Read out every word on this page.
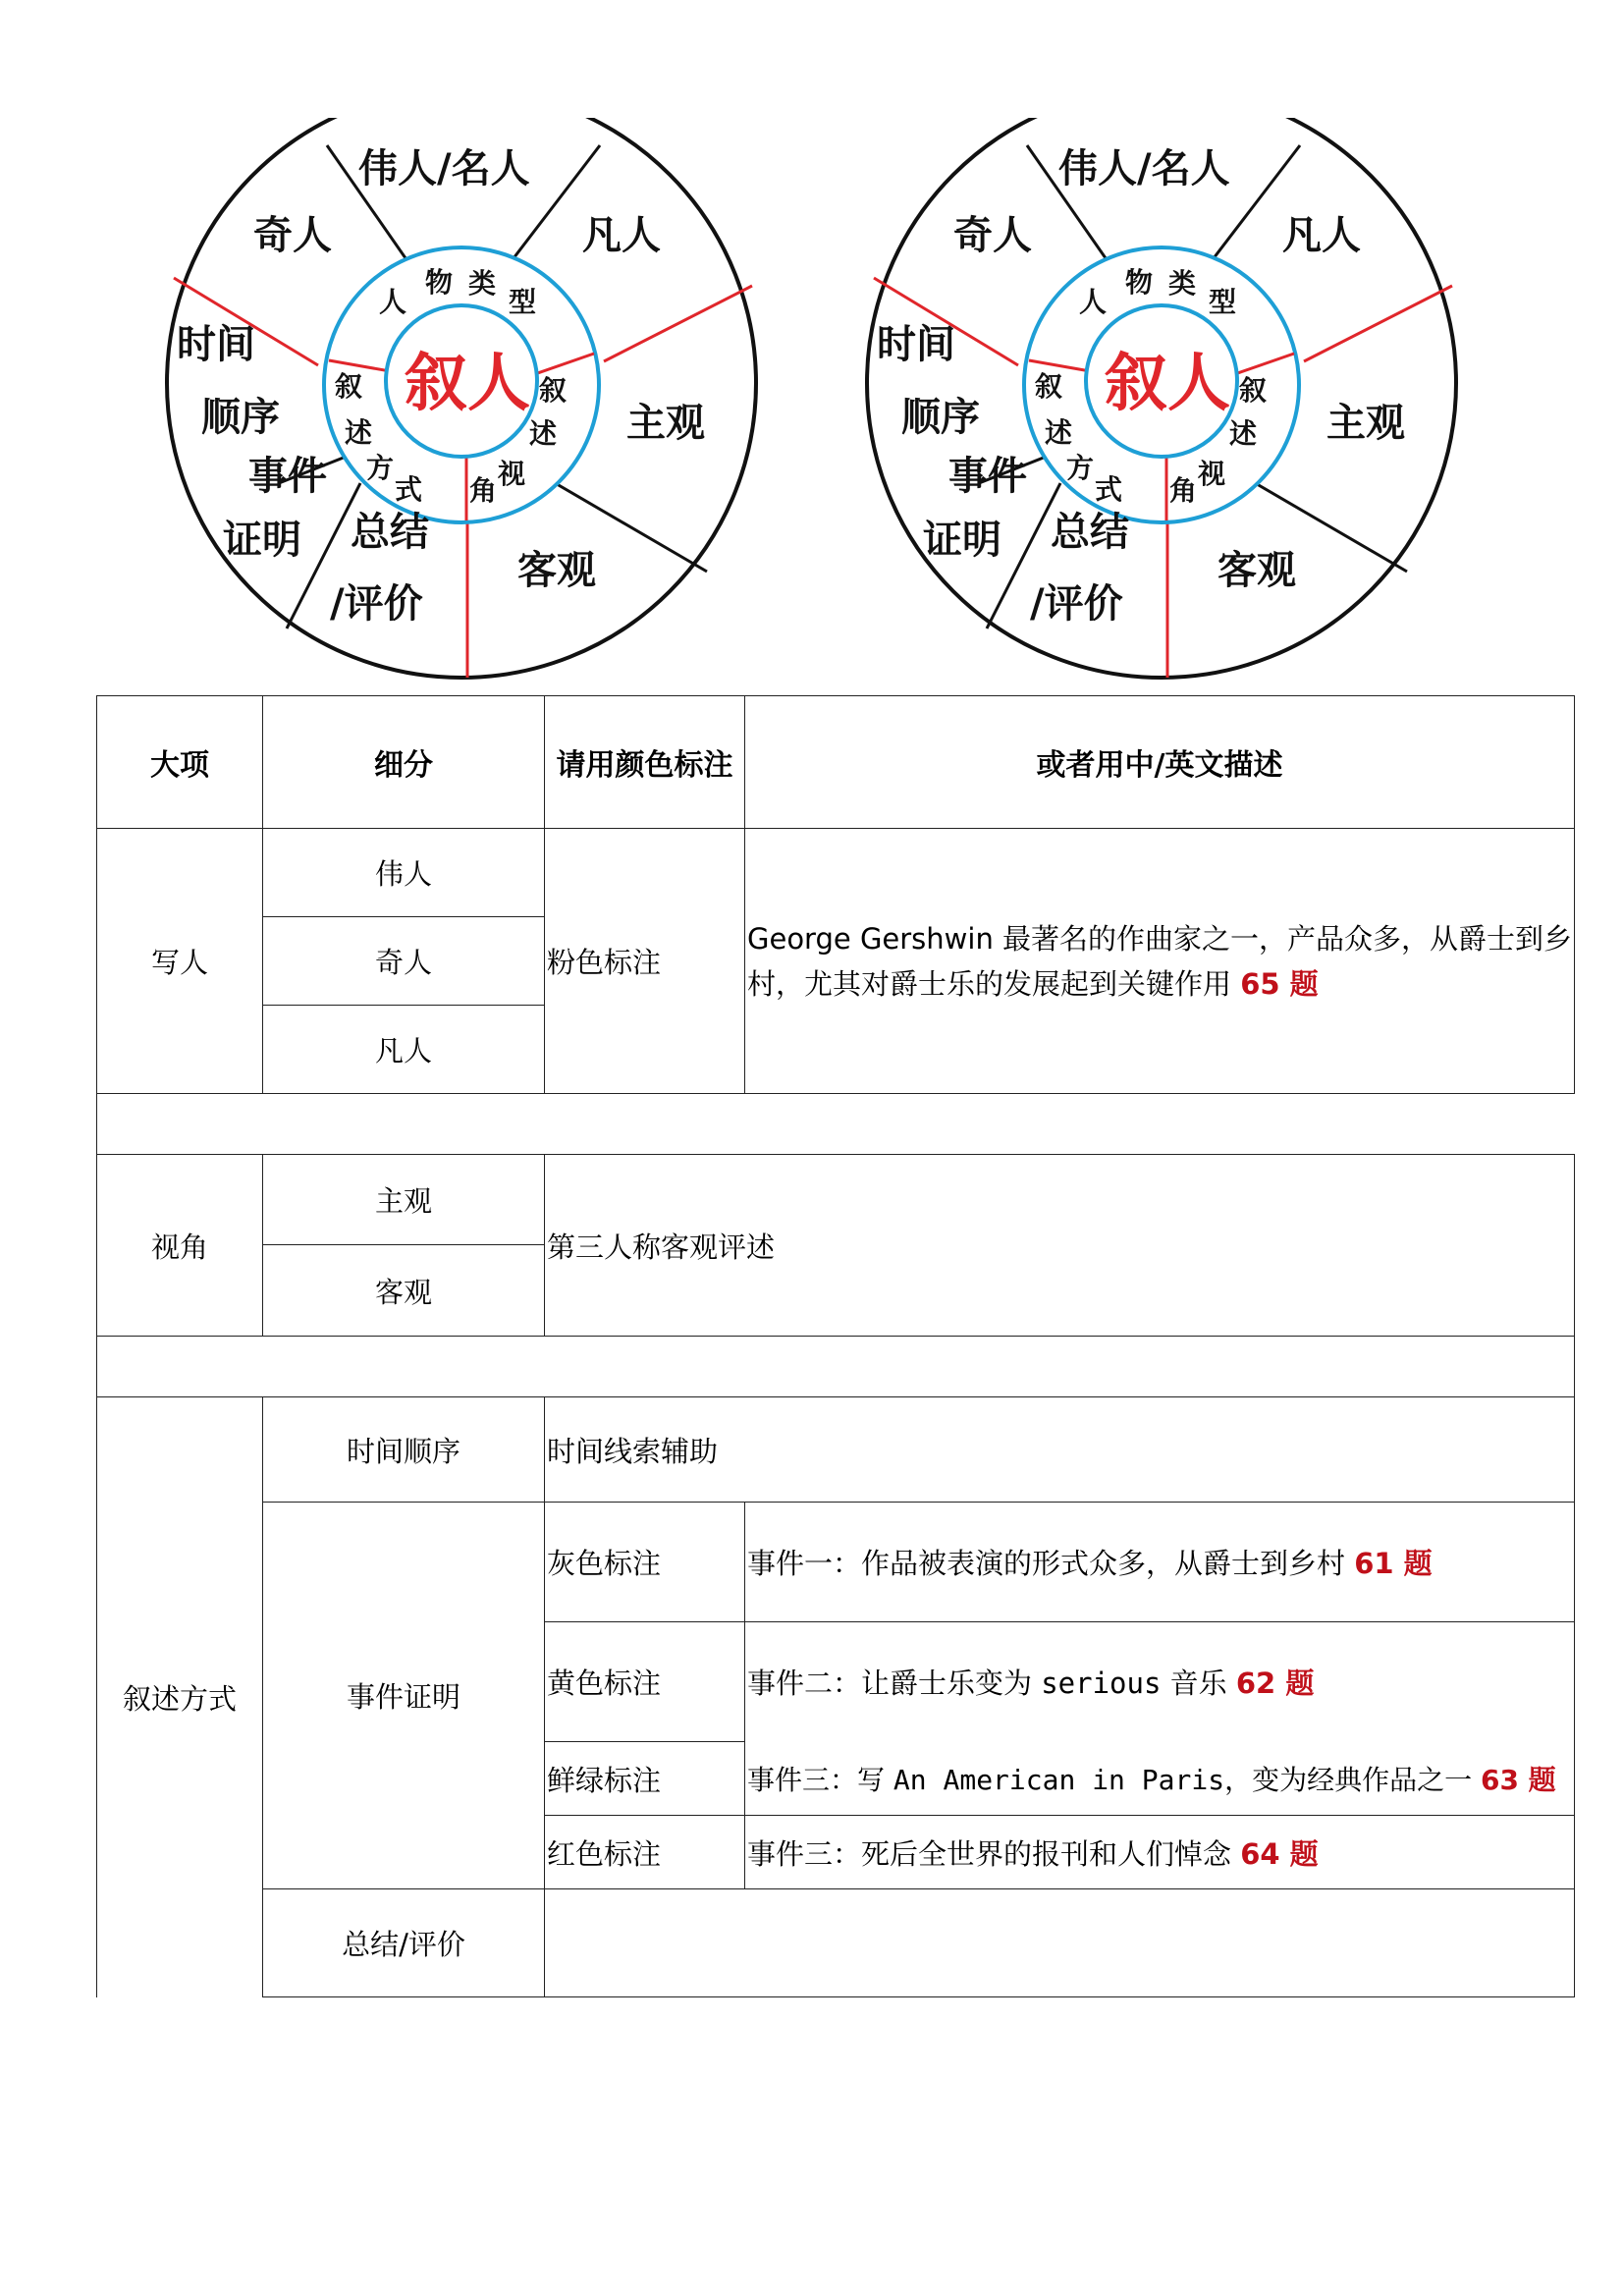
叙人
人
物 类
型
叙
述
方
式
叙
述
角
视
伟人/名人
奇人	凡人
时间
顺序	主观
事件
证明 总结
/评价
客观
叙人
人
物 类
型
叙
述
方
式
叙
述
角
视
伟人/名人
奇人	凡人
时间
顺序	主观
事件
证明 总结
/评价
客观
大项	细分	请用颜色标注	或者用中/英文描述
写人	伟人	粉色标注	George Gershwin 最著名的作曲家之一，产品众多，从爵士到乡村，尤其对爵士乐的发展起到关键作用 65 题
	奇人		
	凡人		

视角	主观	第三人称客观评述	
	客观		

叙述方式	时间顺序	时间线索辅助	
	事件证明	灰色标注	事件一：作品被表演的形式众多，从爵士到乡村 61 题
		黄色标注	事件二：让爵士乐变为 serious 音乐 62 题
		鲜绿标注	事件三：写 An American in Paris，变为经典作品之一 63 题
		红色标注	事件三：死后全世界的报刊和人们悼念 64 题
	总结/评价		
